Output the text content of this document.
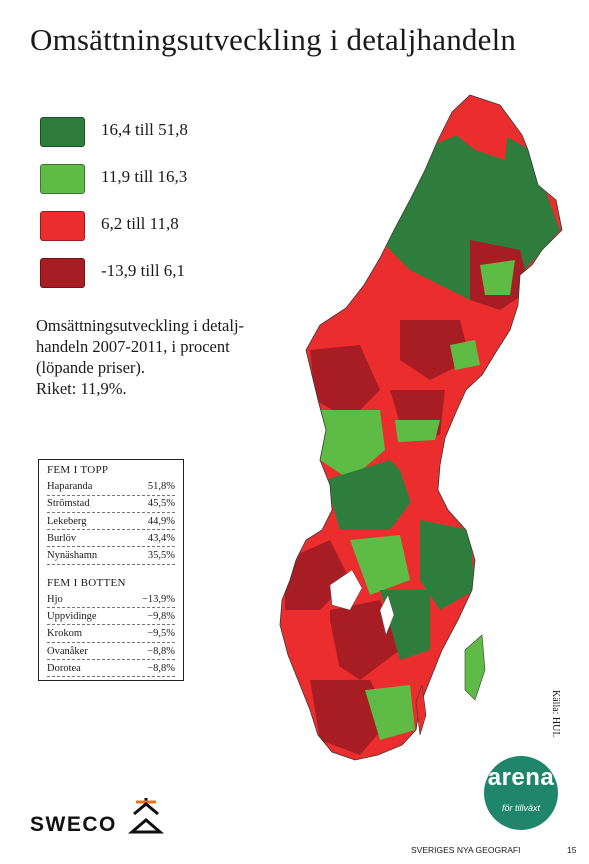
Omsättningsutveckling i detaljhandeln
16,4 till 51,8
11,9 till 16,3
6,2 till 11,8
-13,9 till 6,1
Omsättningsutveckling i detalj-
handeln 2007-2011, i procent
(löpande priser).
Riket: 11,9%.
FEM I TOPP
Haparanda	51,8%
Strömstad	45,5%
Lekeberg	44,9%
Burlöv	43,4%
Nynäshamn	35,5%
FEM I BOTTEN
Hjo	−13,9%
Uppvidinge	−9,8%
Krokom	−9,5%
Ovanåker	−8,8%
Dorotea	−8,8%
Källa: HUI.
SWECO
arena
för tillväxt
SVERIGES NYA GEOGRAFI	15
